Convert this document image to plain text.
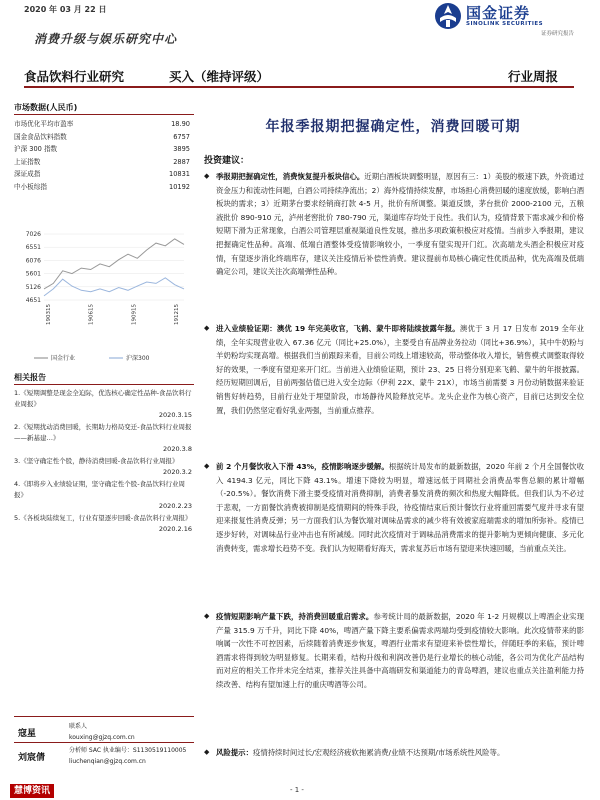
2020 年 03 月 22 日	国金证券
SINOLINK SECURITIES
证券研究报告
消费升级与娱乐研究中心
食品饮料行业研究	买入（维持评级）	行业周报
市场数据(人民币)
市场优化平均市盈率	18.90
国金食品饮料指数	6757
沪深 300 指数	3895
上证指数	2887
深证成指	10831
中小板综指	10192
7026
6551
6076
5601
5126
4651
190315	190615	190915	191215
国金行业	沪深300
相关报告
1.《短期调整是现金全迫际，优选核心确定性品种-食品饮料行业周报》
2020.3.15
2.《短期扰动消费回暖，长期助力格局变迁-食品饮料行业周报——新基建…》
2020.3.8
3.《坚守确定性个股，静待消费回暖-食品饮料行业周报》
2020.3.2
4.《即将步入业绩验证期，坚守确定性个股-食品饮料行业周报》
2020.2.23
5.《各板块陆续复工，行业有望逐步回暖-食品饮料行业周报》
2020.2.16
寇星
联系人
kouxing@gjzq.com.cn
刘宸倩
分析师 SAC 执业编号：S1130519110005
liuchenqian@gjzq.com.cn
年报季报期把握确定性，消费回暖可期
投资建议：
◆ 季报期把握确定性，消费恢复提升板块信心。近期白酒板块调整明显，原因有三：1）美股的极速下跌，外资通过资金压力和流动性问题，白酒公司持续净流出；2）海外疫情持续发酵，市场担心消费回暖的速度放缓，影响白酒板块的需求；3）近期茅台要求经销商打款 4-5 月，批价有所调整。渠道反馈，茅台批价 2000-2100 元，五粮液批价 890-910 元，泸州老窖批价 780-790 元，渠道库存均处于良性。我们认为，疫情背景下需求减少和价格短期下滑为正常现象，白酒公司管理层重视渠道良性发展，推出多项政策积极应对疫情。当前步入季报期，建议把握确定性品种。高端、低端白酒整体受疫情影响较小，一季度有望实现开门红。次高端龙头酒企积极应对疫情，有望逐步消化终端库存，建议关注疫情后补偿性消费。建议提前布局核心确定性优质品种，优先高端及低端确定公司，建议关注次高端弹性品种。
◆ 进入业绩验证期：澳优 19 年完美收官，飞鹤、蒙牛即将陆续披露年报。澳优于 3 月 17 日发布 2019 全年业绩，全年实现营业收入 67.36 亿元（同比+25.0%），主要受自有品牌业务拉动（同比+36.9%），其中牛奶粉与羊奶粉均实现高增。根据我们当前跟踪来看，目前公司线上增速较高，带动整体收入增长，销售模式调整取得较好的效果，一季度有望迎来开门红。当前进入业绩验证期，预计 23、25 日将分别迎来飞鹤、蒙牛的年报披露。经历短期回调后，目前两强估值已进入安全边际（伊利 22X、蒙牛 21X），市场当前需要 3 月份动销数据来验证销售好转趋势，目前行业处于埋望阶段，市场静待风险释放完毕。龙头企业作为核心资产，目前已达到安全位置，我们仍然坚定看好乳业两强，当前重点推荐。
◆ 前 2 个月餐饮收入下滑 43%，疫情影响逐步缓解。根据统计局发布的最新数据，2020 年前 2 个月全国餐饮收入 4194.3 亿元，同比下降 43.1%。增速下降较为明显，增速远低于同期社会消费品零售总额的累计增幅（-20.5%）。餐饮消费下滑主要受疫情对消费抑制，消费者暴发消费的频次和热度大幅降低。但我们认为不必过于悲观，一方面餐饮消费被抑制是疫情期间的特殊手段，待疫情结束后预计餐饮行业将重回需要气度并寻求有望迎来报复性消费反弹；另一方面我们认为餐饮端对调味品需求的减少将有效被家庭端需求的增加所弥补。疫情已逐步好转，对调味品行业冲击也有所减缓。同时此次疫情对于调味品消费需求的提升影响为更倾向健康、多元化消费转变，需求增长趋势不变。我们认为短期看好海天，需求复苏后市场有望迎来快速回暖，当前重点关注。
◆ 疫情短期影响产量下跌，持消费回暖重启需求。参考统计局的最新数据，2020 年 1-2 月规模以上啤酒企业实现产量 315.9 万千升，同比下降 40%，啤酒产量下降主要系偏需求两端均受到疫情较大影响。此次疫情带来的影响属一次性不可控因素，后续随着消费逐步恢复，啤酒行业需求有望迎来补偿性增长，伴随旺季的来临，预计啤酒需求将得到较为明显修复。长期来看，结构升级和利润改善仍是行业增长的核心动能，各公司为优化产品结构而对应的相关工作并未完全结束，推荐关注具备中高端研发和渠道能力的青岛啤酒，建议也重点关注盈利能力持续改善、结构有望加速上行的重庆啤酒等公司。
◆ 风险提示：疫情持续时间过长/宏观经济疲软拖累消费/业绩不达预期/市场系统性风险等。
慧博资讯	- 1 -
